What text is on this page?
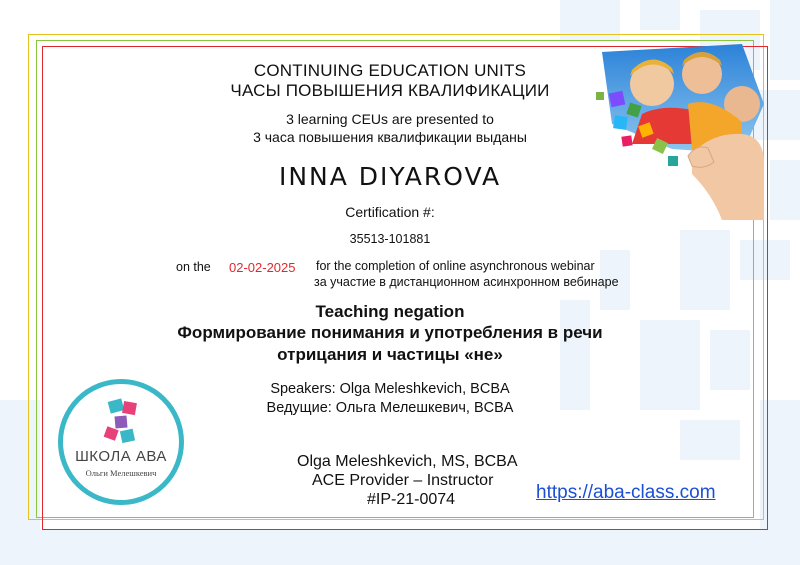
CONTINUING EDUCATION UNITS
ЧАСЫ ПОВЫШЕНИЯ КВАЛИФИКАЦИИ
3 learning CEUs are presented to
3 часа повышения квалификации выданы
INNA DIYAROVA
Certification #:
35513-101881
on the 02-02-2025 for the completion of online asynchronous webinar
за участие в дистанционном асинхронном вебинаре
Teaching negation
Формирование понимания и употребления в речи
отрицания и частицы «не»
Speakers: Olga Meleshkevich, BCBA
Ведущие: Ольга Мелешкевич, BCBA
Olga Meleshkevich, MS, BCBA
ACE Provider – Instructor
#IP-21-0074	https://aba-class.com
ШКОЛА АВА
Ольги Мелешкевич
